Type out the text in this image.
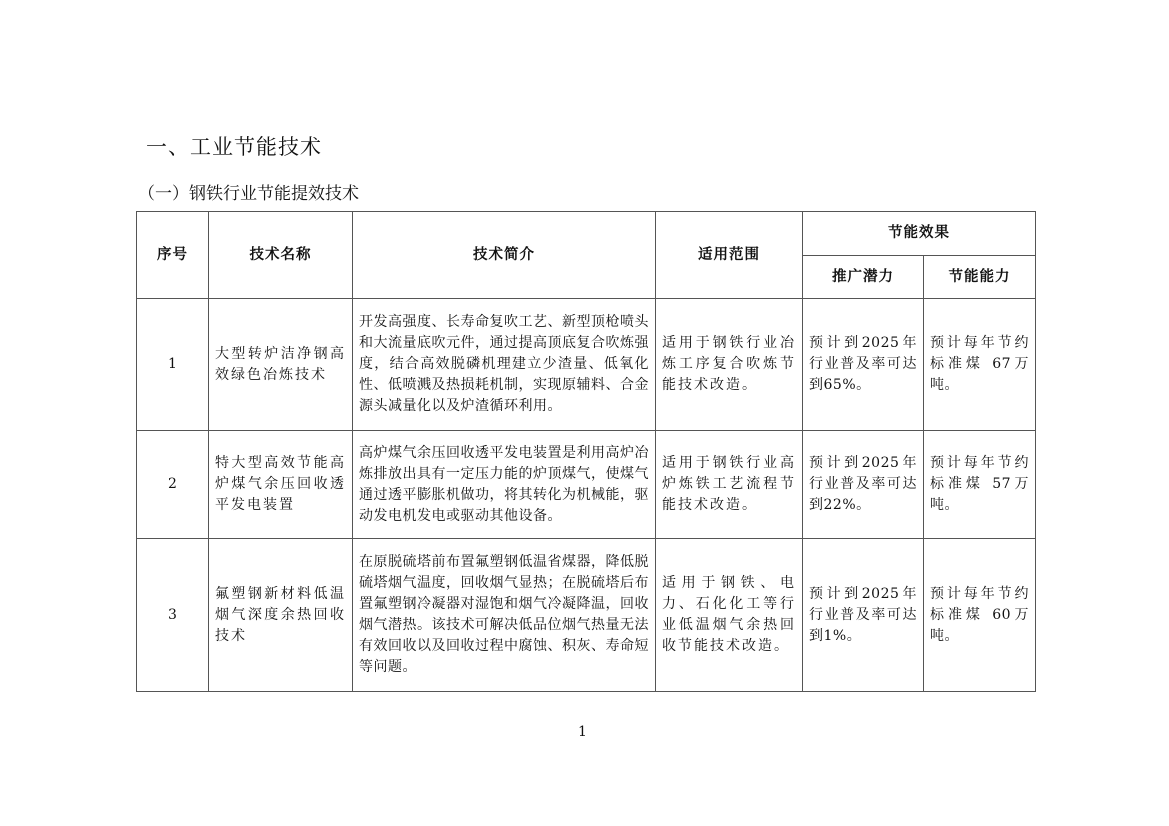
一、工业节能技术
（一）钢铁行业节能提效技术
序号	技术名称	技术简介	适用范围	节能效果	
				推广潜力	节能能力
1	大型转炉洁净钢高效绿色冶炼技术	开发高强度、长寿命复吹工艺、新型顶枪喷头和大流量底吹元件，通过提高顶底复合吹炼强度，结合高效脱磷机理建立少渣量、低氧化性、低喷溅及热损耗机制，实现原辅料、合金源头减量化以及炉渣循环利用。	适用于钢铁行业冶炼工序复合吹炼节能技术改造。	预计到2025年行业普及率可达到65%。	预计每年节约标准煤 67万吨。
2	特大型高效节能高炉煤气余压回收透平发电装置	高炉煤气余压回收透平发电装置是利用高炉冶炼排放出具有一定压力能的炉顶煤气，使煤气通过透平膨胀机做功，将其转化为机械能，驱动发电机发电或驱动其他设备。	适用于钢铁行业高炉炼铁工艺流程节能技术改造。	预计到2025年行业普及率可达到22%。	预计每年节约标准煤 57万吨。
3	氟塑钢新材料低温烟气深度余热回收技术	在原脱硫塔前布置氟塑钢低温省煤器，降低脱硫塔烟气温度，回收烟气显热；在脱硫塔后布置氟塑钢冷凝器对湿饱和烟气冷凝降温，回收烟气潜热。该技术可解决低品位烟气热量无法有效回收以及回收过程中腐蚀、积灰、寿命短等问题。	适用于钢铁、电力、石化化工等行业低温烟气余热回收节能技术改造。	预计到2025年行业普及率可达到1%。	预计每年节约标准煤 60万吨。
1
